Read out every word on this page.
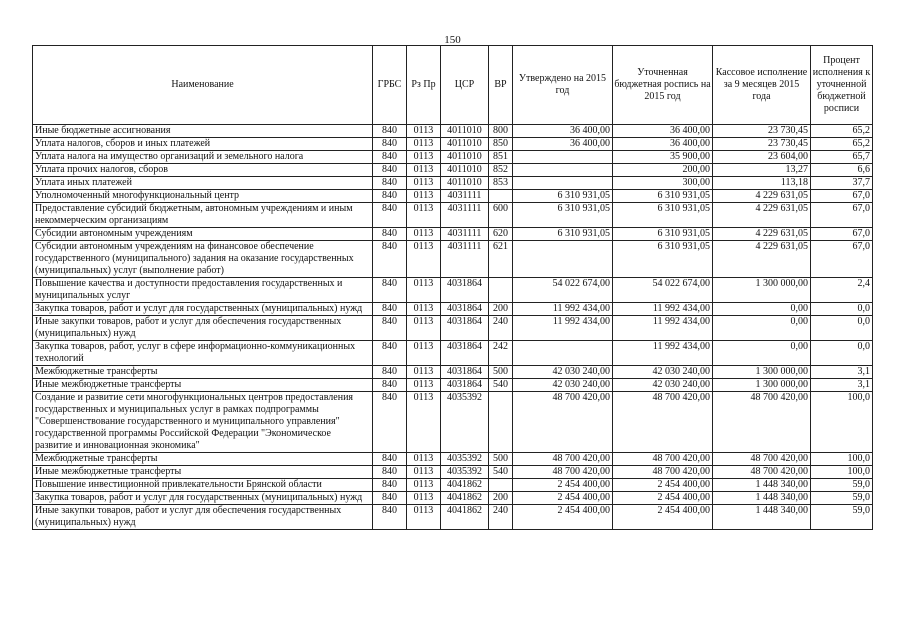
150
Наименование	ГРБС	Рз Пр	ЦСР	ВР	Утверждено на 2015 год	Уточненная бюджетная роспись на 2015 год	Кассовое исполнение за 9 месяцев 2015 года	Процент исполнения к уточненной бюджетной росписи
Иные бюджетные ассигнования	840	0113	4011010	800	36 400,00	36 400,00	23 730,45	65,2
Уплата налогов, сборов и иных платежей	840	0113	4011010	850	36 400,00	36 400,00	23 730,45	65,2
Уплата налога на имущество организаций и земельного налога	840	0113	4011010	851		35 900,00	23 604,00	65,7
Уплата прочих налогов, сборов	840	0113	4011010	852		200,00	13,27	6,6
Уплата иных платежей	840	0113	4011010	853		300,00	113,18	37,7
Уполномоченный многофункциональный центр	840	0113	4031111		6 310 931,05	6 310 931,05	4 229 631,05	67,0
Предоставление субсидий бюджетным, автономным учреждениям и иным некоммерческим организациям	840	0113	4031111	600	6 310 931,05	6 310 931,05	4 229 631,05	67,0
Субсидии автономным учреждениям	840	0113	4031111	620	6 310 931,05	6 310 931,05	4 229 631,05	67,0
Субсидии автономным учреждениям на финансовое обеспечение государственного (муниципального) задания на оказание государственных (муниципальных) услуг (выполнение работ)	840	0113	4031111	621		6 310 931,05	4 229 631,05	67,0
Повышение качества и доступности предоставления государственных и муниципальных услуг	840	0113	4031864		54 022 674,00	54 022 674,00	1 300 000,00	2,4
Закупка товаров, работ и услуг для государственных (муниципальных) нужд	840	0113	4031864	200	11 992 434,00	11 992 434,00	0,00	0,0
Иные закупки товаров, работ и услуг для обеспечения государственных (муниципальных) нужд	840	0113	4031864	240	11 992 434,00	11 992 434,00	0,00	0,0
Закупка товаров, работ, услуг в сфере информационно-коммуникационных технологий	840	0113	4031864	242		11 992 434,00	0,00	0,0
Межбюджетные трансферты	840	0113	4031864	500	42 030 240,00	42 030 240,00	1 300 000,00	3,1
Иные межбюджетные трансферты	840	0113	4031864	540	42 030 240,00	42 030 240,00	1 300 000,00	3,1
Создание и развитие сети многофункциональных центров предоставления государственных и муниципальных услуг в рамках подпрограммы "Совершенствование государственного и муниципального управления" государственной программы Российской Федерации "Экономическое развитие и инновационная экономика"	840	0113	4035392		48 700 420,00	48 700 420,00	48 700 420,00	100,0
Межбюджетные трансферты	840	0113	4035392	500	48 700 420,00	48 700 420,00	48 700 420,00	100,0
Иные межбюджетные трансферты	840	0113	4035392	540	48 700 420,00	48 700 420,00	48 700 420,00	100,0
Повышение инвестиционной привлекательности Брянской области	840	0113	4041862		2 454 400,00	2 454 400,00	1 448 340,00	59,0
Закупка товаров, работ и услуг для государственных (муниципальных) нужд	840	0113	4041862	200	2 454 400,00	2 454 400,00	1 448 340,00	59,0
Иные закупки товаров, работ и услуг для обеспечения государственных (муниципальных) нужд	840	0113	4041862	240	2 454 400,00	2 454 400,00	1 448 340,00	59,0
